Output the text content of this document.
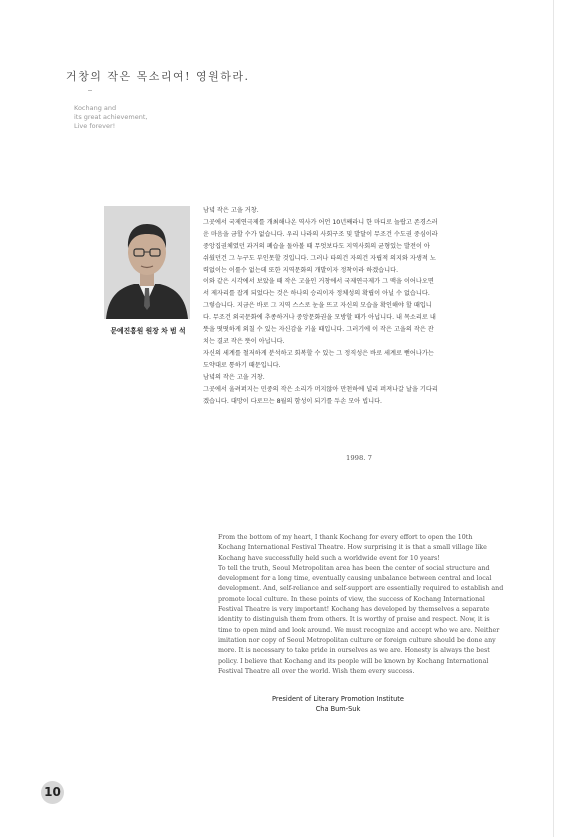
거창의 작은 목소리여! 영원하라.
Kochang and
its great achievement,
Live forever!
문예진흥원 원장 차 범 석

남녘 작은 고을 거창.

그곳에서 국제연극제를 개최해나온 역사가 어언 10년째라니 한 마디로 놀랍고 존경스러

운 마음을 금할 수가 없습니다. 우리 나라의 사회구조 및 발달이 무조건 수도권 중심이라

중앙집권체였던 과거의 폐습을 돌아볼 때 무엇보다도 지역사회의 균형있는 발전이 아

쉬웠던건 그 누구도 부인못할 것입니다. 그러나 타의건 자의건 자립적 의지와 자생적 노

력없이는 이룰수 없는데 또한 지역문화의 개발이자 정착이라 하겠습니다.

이와 같은 시각에서 보았을 때 작은 고을인 거창에서 국제연극제가 그 맥을 이어나오면

서 제자리를 잡게 되었다는 것은 하나의 승리이자 정체성의 확립이 아닐 수 없습니다.

그렇습니다. 지금은 바로 그 지역 스스로 눈을 뜨고 자신의 모습을 확인해야 할 때입니

다. 무조건 외국문화에 추종하거나 중앙문화권을 모방할 때가 아닙니다. 내 목소리로 내

뜻을 떳떳하게 외칠 수 있는 자신감을 키울 때입니다. 그러기에 이 작은 고을의 작은 잔

치는 결코 작은 뜻이 아닙니다.

자신의 세계를 철저하게 분석하고 회복할 수 있는 그 정직성은 바로 세계로 뻗어나가는

도약대로 통하기 때문입니다.

남녘의 작은 고을 거창.

그곳에서 울려퍼지는 민중의 작은 소리가 머지않아 만천하에 널리 퍼져나갈 날을 기다리

겠습니다. 대망이 다로므는 8월의 함성이 되기를 두손 모아 빕니다.

1998. 7

From the bottom of my heart, I thank Kochang for every effort to open the 10th

Kochang International Festival Theatre. How surprising it is that a small village like

Kochang have successfully held such a worldwide event for 10 years!

To tell the truth, Seoul Metropolitan area has been the center of social structure and

development for a long time, eventually causing unbalance between central and local

development. And, self-reliance and self-support are essentially required to establish and

promote local culture. In these points of view, the success of Kochang International

Festival Theatre is very important! Kochang has developed by themselves a separate

identity to distinguish them from others. It is worthy of praise and respect. Now, it is

time to open mind and look around. We must recognize and accept who we are. Neither

imitation nor copy of Seoul Metropolitan culture or foreign culture should be done any

more. It is necessary to take pride in ourselves as we are. Honesty is always the best

policy. I believe that Kochang and its people will be known by Kochang International

Festival Theatre all over the world. Wish them every success.

President of Literary Promotion Institute
Cha Bum-Suk
10
